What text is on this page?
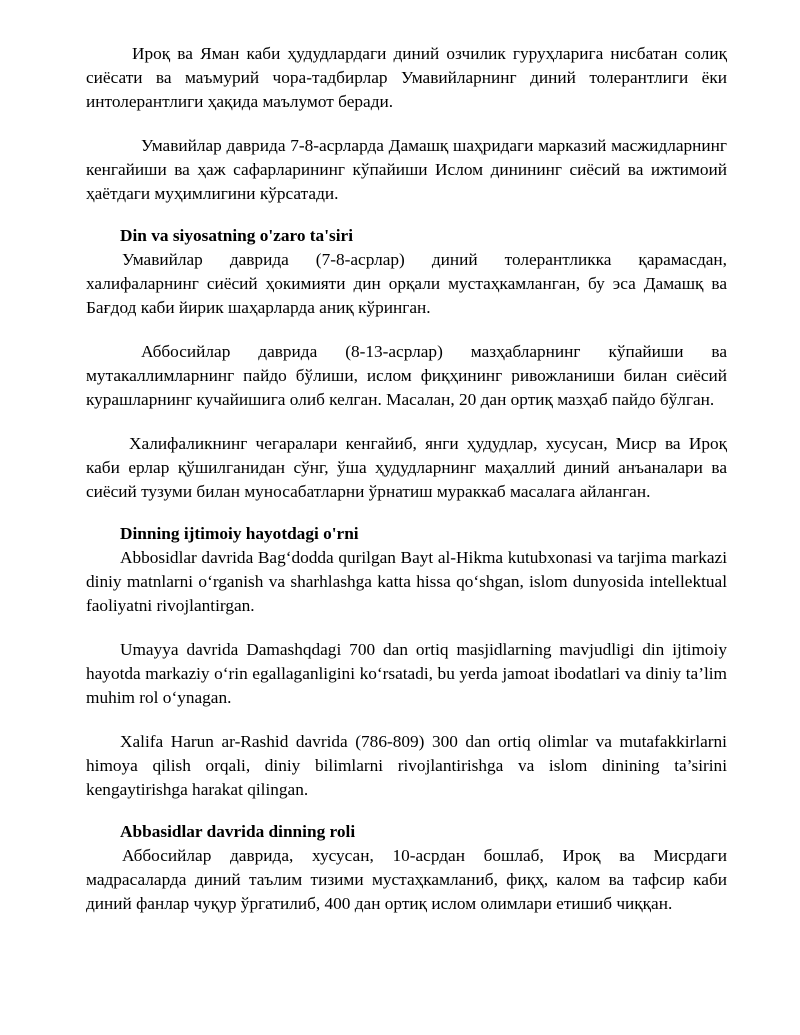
Ироқ ва Яман каби ҳудудлардаги диний озчилик гуруҳларига нисбатан солиқ сиёсати ва маъмурий чора-тадбирлар Умавийларнинг диний толерантлиги ёки интолерантлиги ҳақида маълумот беради.

Умавийлар даврида 7-8-асрларда Дамашқ шаҳридаги марказий масжидларнинг кенгайиши ва ҳаж сафарларининг кўпайиши Ислом динининг сиёсий ва ижтимоий ҳаётдаги муҳимлигини кўрсатади.

Din va siyosatning o'zaro ta'siri

Умавийлар даврида (7-8-асрлар) диний толерантликка қарамасдан, халифаларнинг сиёсий ҳокимияти дин орқали мустаҳкамланган, бу эса Дамашқ ва Бағдод каби йирик шаҳарларда аниқ кўринган.

Аббосийлар даврида (8-13-асрлар) мазҳабларнинг кўпайиши ва мутакаллимларнинг пайдо бўлиши, ислом фиқҳининг ривожланиши билан сиёсий курашларнинг кучайишига олиб келган. Масалан, 20 дан ортиқ мазҳаб пайдо бўлган.

Халифаликнинг чегаралари кенгайиб, янги ҳудудлар, хусусан, Миср ва Ироқ каби ерлар қўшилганидан сўнг, ўша ҳудудларнинг маҳаллий диний анъаналари ва сиёсий тузуми билан муносабатларни ўрнатиш мураккаб масалага айланган.

Dinning ijtimoiy hayotdagi o'rni

Abbosidlar davrida Bag‘dodda qurilgan Bayt al-Hikma kutubxonasi va tarjima markazi diniy matnlarni o‘rganish va sharhlashga katta hissa qo‘shgan, islom dunyosida intellektual faoliyatni rivojlantirgan.

Umayya davrida Damashqdagi 700 dan ortiq masjidlarning mavjudligi din ijtimoiy hayotda markaziy o‘rin egallaganligini ko‘rsatadi, bu yerda jamoat ibodatlari va diniy ta’lim muhim rol o‘ynagan.

Xalifa Harun ar-Rashid davrida (786-809) 300 dan ortiq olimlar va mutafakkirlarni himoya qilish orqali, diniy bilimlarni rivojlantirishga va islom dinining ta’sirini kengaytirishga harakat qilingan.

Abbasidlar davrida dinning roli

Аббосийлар даврида, хусусан, 10-асрдан бошлаб, Ироқ ва Мисрдаги мадрасаларда диний таълим тизими мустаҳкамланиб, фиқҳ, калом ва тафсир каби диний фанлар чуқур ўргатилиб, 400 дан ортиқ ислом олимлари етишиб чиққан.
